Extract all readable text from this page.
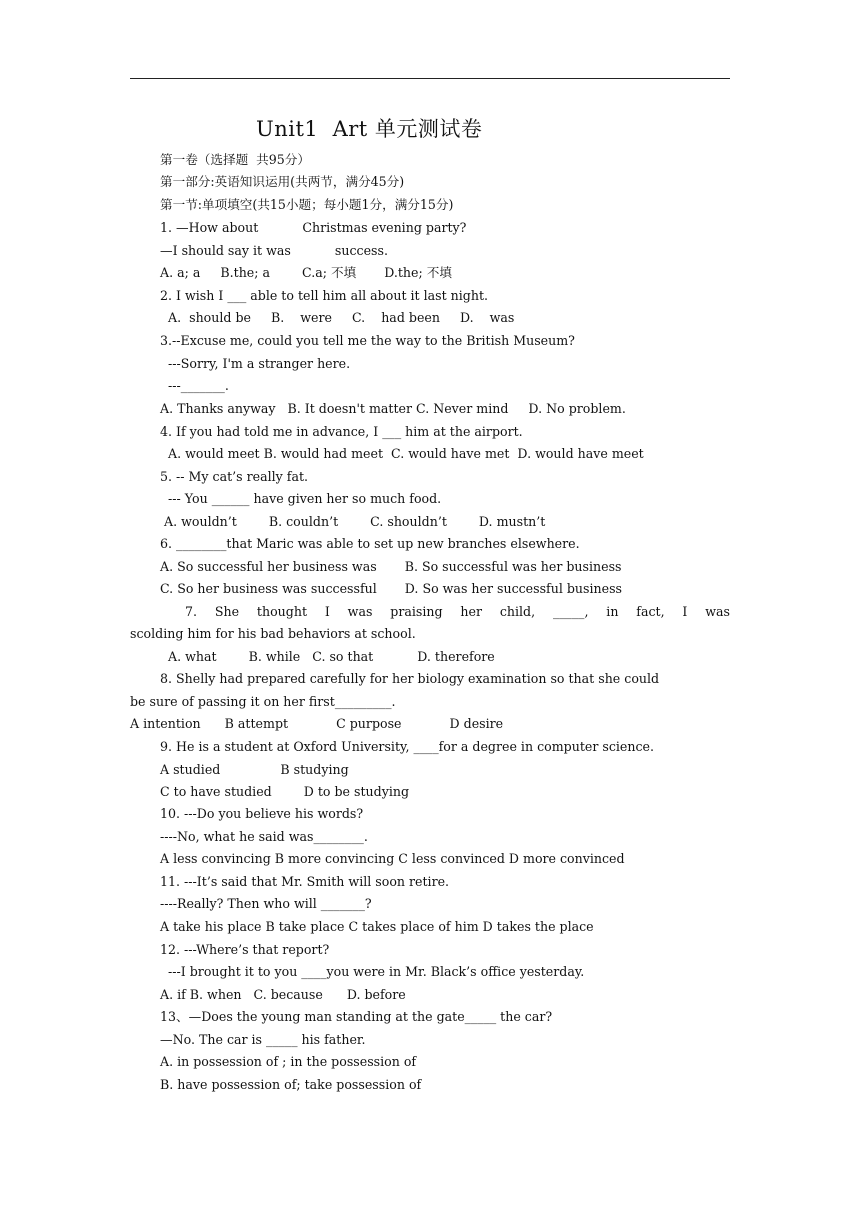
Unit1  Art 单元测试卷
第一卷（选择题  共95分）
第一部分:英语知识运用(共两节，满分45分)
第一节:单项填空(共15小题；每小题1分，满分15分)
1. —How about           Christmas evening party?
—I should say it was           success.
A. a; a     B.the; a        C.a; 不填       D.the; 不填
2. I wish I ___ able to tell him all about it last night.
A.  should be     B.    were     C.    had been     D.    was
3.--Excuse me, could you tell me the way to the British Museum?
---Sorry, I'm a stranger here.
---_______.
A. Thanks anyway   B. It doesn't matter C. Never mind     D. No problem.
4. If you had told me in advance, I ___ him at the airport.
A. would meet B. would had meet  C. would have met  D. would have meet
5. -- My cat’s really fat.
--- You ______ have given her so much food.
A. wouldn’t        B. couldn’t        C. shouldn’t        D. mustn’t
6. ________that Maric was able to set up new branches elsewhere.
A. So successful her business was       B. So successful was her business
C. So her business was successful       D. So was her successful business
7. She thought I was praising her child, _____, in fact, I was
scolding him for his bad behaviors at school.
A. what        B. while   C. so that           D. therefore
8. Shelly had prepared carefully for her biology examination so that she could
be sure of passing it on her first_________.
A intention      B attempt            C purpose            D desire
9. He is a student at Oxford University, ____for a degree in computer science.
A studied               B studying
C to have studied        D to be studying
10. ---Do you believe his words?
----No, what he said was________.
A less convincing B more convincing C less convinced D more convinced
11. ---It’s said that Mr. Smith will soon retire.
----Really? Then who will _______?
A take his place B take place C takes place of him D takes the place
12. ---Where’s that report?
---I brought it to you ____you were in Mr. Black’s office yesterday.
A. if B. when   C. because      D. before
13、—Does the young man standing at the gate_____ the car?
—No. The car is _____ his father.
A. in possession of ; in the possession of
B. have possession of; take possession of
